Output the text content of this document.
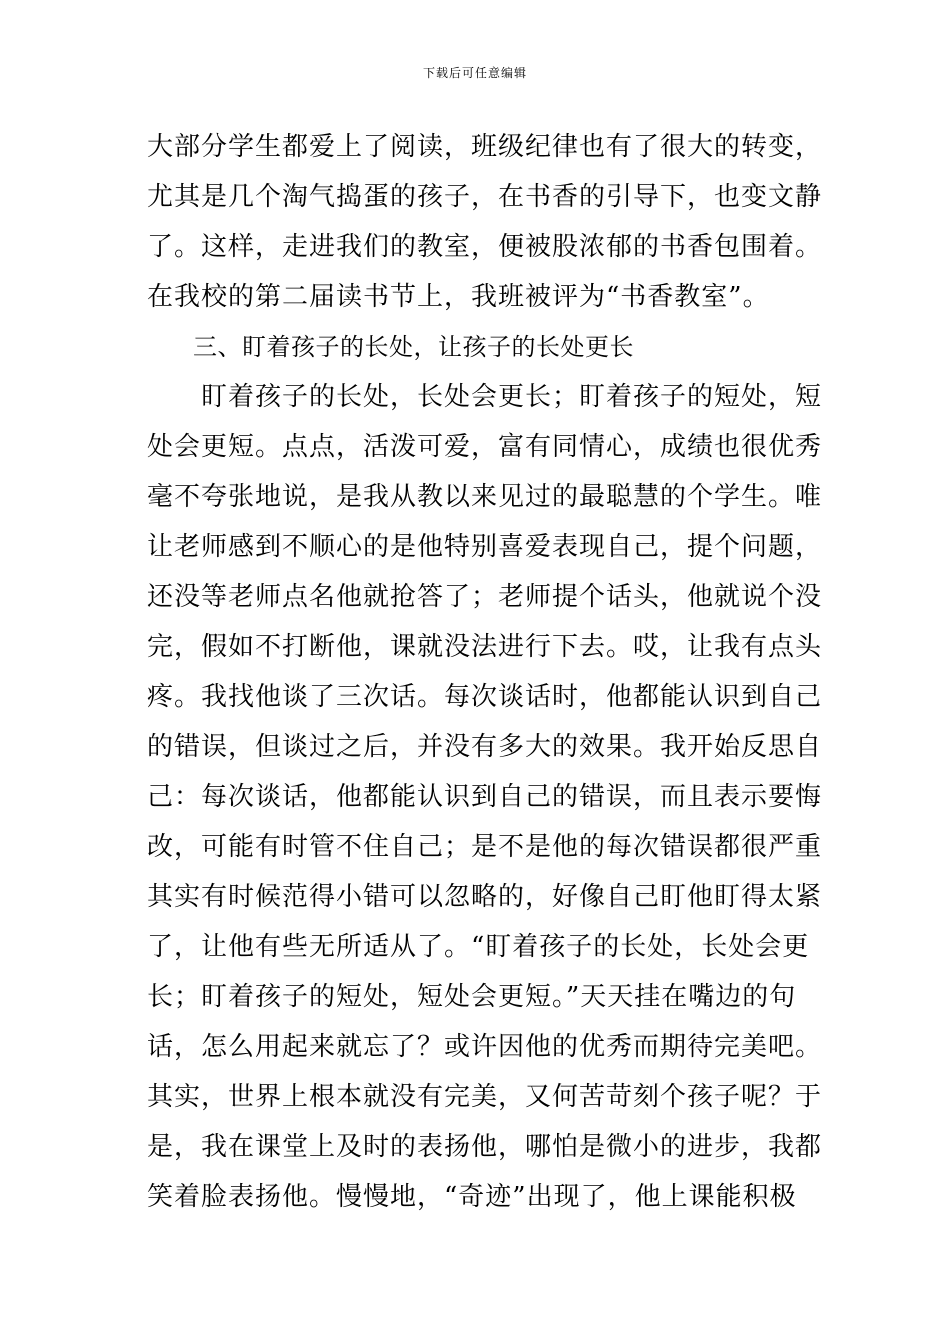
下载后可任意编辑
大部分学生都爱上了阅读，班级纪律也有了很大的转变，
尤其是几个淘气捣蛋的孩子，在书香的引导下，也变文静
了。这样，走进我们的教室，便被股浓郁的书香包围着。
在我校的第二届读书节上，我班被评为“书香教室”。
三、盯着孩子的长处，让孩子的长处更长
盯着孩子的长处，长处会更长；盯着孩子的短处，短
处会更短。点点，活泼可爱，富有同情心，成绩也很优秀
毫不夸张地说，是我从教以来见过的最聪慧的个学生。唯
让老师感到不顺心的是他特别喜爱表现自己，提个问题，
还没等老师点名他就抢答了；老师提个话头，他就说个没
完，假如不打断他，课就没法进行下去。哎，让我有点头
疼。我找他谈了三次话。每次谈话时，他都能认识到自己
的错误，但谈过之后，并没有多大的效果。我开始反思自
己：每次谈话，他都能认识到自己的错误，而且表示要悔
改，可能有时管不住自己；是不是他的每次错误都很严重
其实有时候范得小错可以忽略的，好像自己盯他盯得太紧
了，让他有些无所适从了。“盯着孩子的长处，长处会更
长；盯着孩子的短处，短处会更短。”天天挂在嘴边的句
话，怎么用起来就忘了？或许因他的优秀而期待完美吧。
其实，世界上根本就没有完美，又何苦苛刻个孩子呢？于
是，我在课堂上及时的表扬他，哪怕是微小的进步，我都
笑着脸表扬他。慢慢地，“奇迹”出现了，他上课能积极
